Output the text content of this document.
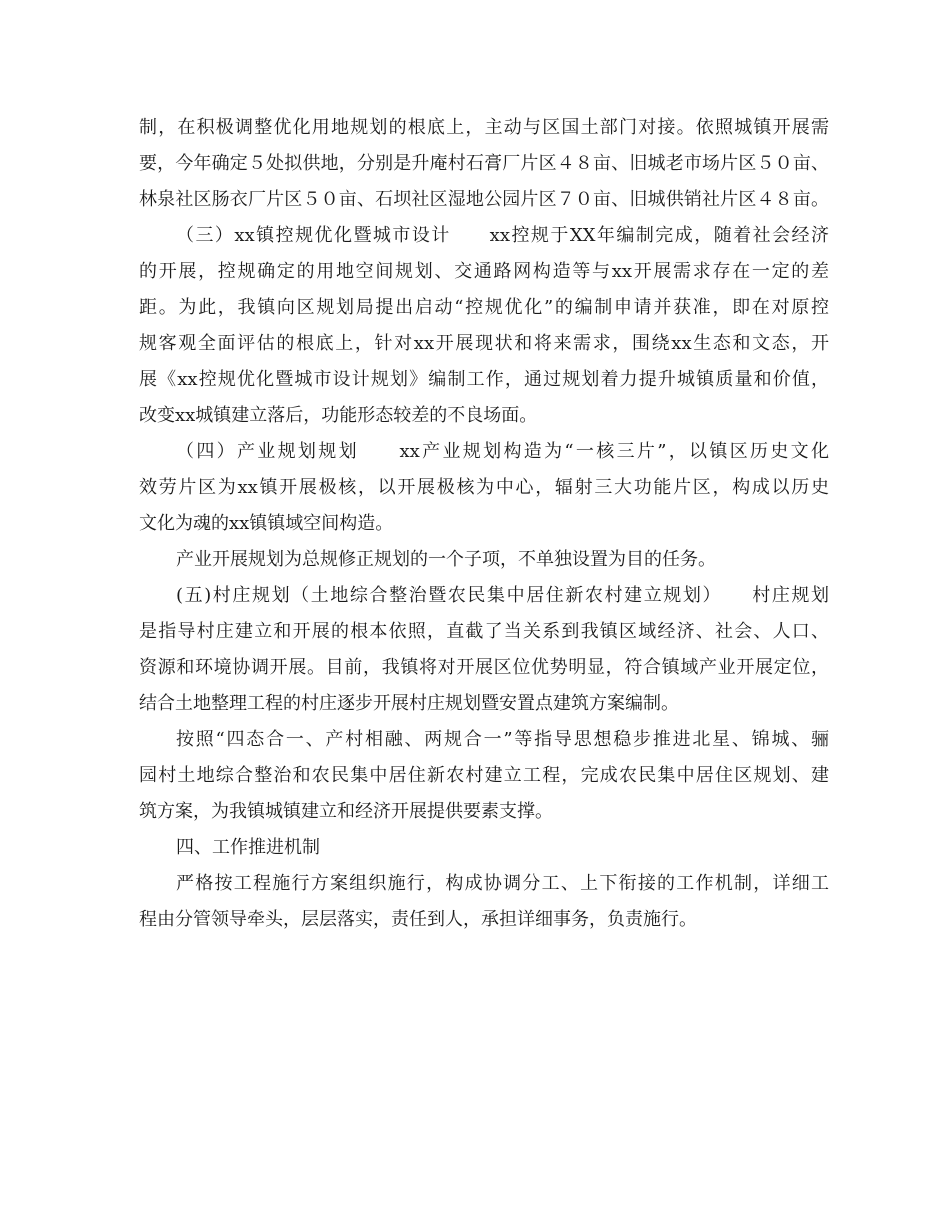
制，在积极调整优化用地规划的根底上，主动与区国土部门对接。依照城镇开展需
要，今年确定５处拟供地，分别是升庵村石膏厂片区４８亩、旧城老市场片区５０亩、
林泉社区肠衣厂片区５０亩、石坝社区湿地公园片区７０亩、旧城供销社片区４８亩。
（三）xx镇控规优化暨城市设计　　xx控规于XX年编制完成，随着社会经济
的开展，控规确定的用地空间规划、交通路网构造等与xx开展需求存在一定的差
距。为此，我镇向区规划局提出启动“控规优化”的编制申请并获准，即在对原控
规客观全面评估的根底上，针对xx开展现状和将来需求，围绕xx生态和文态，开
展《xx控规优化暨城市设计规划》编制工作，通过规划着力提升城镇质量和价值，
改变xx城镇建立落后，功能形态较差的不良场面。
（四）产业规划规划　　xx产业规划构造为“一核三片”，以镇区历史文化
效劳片区为xx镇开展极核，以开展极核为中心，辐射三大功能片区，构成以历史
文化为魂的xx镇镇域空间构造。
产业开展规划为总规修正规划的一个子项，不单独设置为目的任务。
(五)村庄规划（土地综合整治暨农民集中居住新农村建立规划）　　村庄规划
是指导村庄建立和开展的根本依照，直截了当关系到我镇区域经济、社会、人口、
资源和环境协调开展。目前，我镇将对开展区位优势明显，符合镇域产业开展定位，
结合土地整理工程的村庄逐步开展村庄规划暨安置点建筑方案编制。
按照“四态合一、产村相融、两规合一”等指导思想稳步推进北星、锦城、骊
园村土地综合整治和农民集中居住新农村建立工程，完成农民集中居住区规划、建
筑方案，为我镇城镇建立和经济开展提供要素支撑。
四、工作推进机制
严格按工程施行方案组织施行，构成协调分工、上下衔接的工作机制，详细工
程由分管领导牵头，层层落实，责任到人，承担详细事务，负责施行。
